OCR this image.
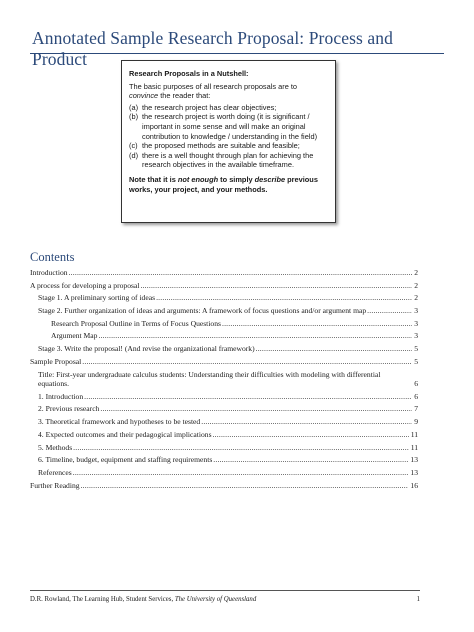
Annotated Sample Research Proposal: Process and Product
Research Proposals in a Nutshell:
The basic purposes of all research proposals are to
convince the reader that:
(a) the research project has clear objectives;
(b) the research project is worth doing (it is significant / important in some sense and will make an original contribution to knowledge / understanding in the field)
(c) the proposed methods are suitable and feasible;
(d) there is a well thought through plan for achieving the research objectives in the available timeframe.
Note that it is not enough to simply describe previous works, your project, and your methods.
Contents
Introduction .....	2
A process for developing a proposal .....	2
Stage 1. A preliminary sorting of ideas .....	2
Stage 2. Further organization of ideas and arguments: A framework of focus questions and/or argument map .....	3
Research Proposal Outline in Terms of Focus Questions .....	3
Argument Map .....	3
Stage 3. Write the proposal! (And revise the organizational framework) .....	5
Sample Proposal .....	5
Title: First-year undergraduate calculus students: Understanding their difficulties with modeling with differential equations.	6
1. Introduction .....	6
2. Previous research .....	7
3. Theoretical framework and hypotheses to be tested .....	9
4. Expected outcomes and their pedagogical implications .....	11
5. Methods .....	11
6. Timeline, budget, equipment and staffing requirements .....	13
References .....	13
Further Reading .....	16
D.R. Rowland, The Learning Hub, Student Services, The University of Queensland	1
